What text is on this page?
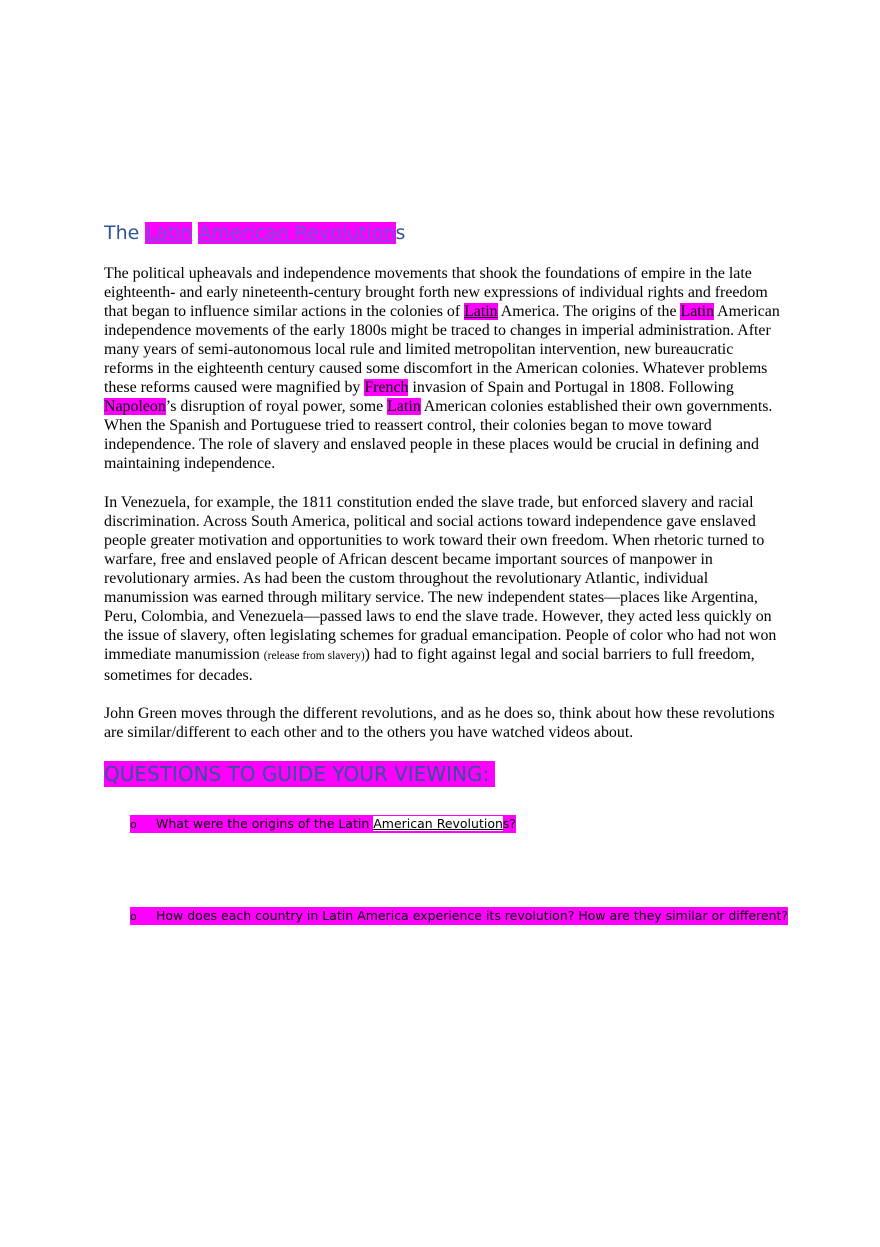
The Latin American Revolutions

The political upheavals and independence movements that shook the foundations of empire in the late eighteenth- and early nineteenth-century brought forth new expressions of individual rights and freedom that began to influence similar actions in the colonies of Latin America. The origins of the Latin American independence movements of the early 1800s might be traced to changes in imperial administration. After many years of semi-autonomous local rule and limited metropolitan intervention, new bureaucratic reforms in the eighteenth century caused some discomfort in the American colonies. Whatever problems these reforms caused were magnified by French invasion of Spain and Portugal in 1808. Following Napoleon’s disruption of royal power, some Latin American colonies established their own governments. When the Spanish and Portuguese tried to reassert control, their colonies began to move toward independence. The role of slavery and enslaved people in these places would be crucial in defining and maintaining independence.

In Venezuela, for example, the 1811 constitution ended the slave trade, but enforced slavery and racial discrimination. Across South America, political and social actions toward independence gave enslaved people greater motivation and opportunities to work toward their own freedom. When rhetoric turned to warfare, free and enslaved people of African descent became important sources of manpower in revolutionary armies. As had been the custom throughout the revolutionary Atlantic, individual manumission was earned through military service. The new independent states—places like Argentina, Peru, Colombia, and Venezuela—passed laws to end the slave trade. However, they acted less quickly on the issue of slavery, often legislating schemes for gradual emancipation. People of color who had not won immediate manumission (release from slavery)) had to fight against legal and social barriers to full freedom, sometimes for decades.

John Green moves through the different revolutions, and as he does so, think about how these revolutions are similar/different to each other and to the others you have watched videos about.

QUESTIONS TO GUIDE YOUR VIEWING:
o What were the origins of the Latin American Revolutions?
o How does each country in Latin America experience its revolution? How are they similar or different?
